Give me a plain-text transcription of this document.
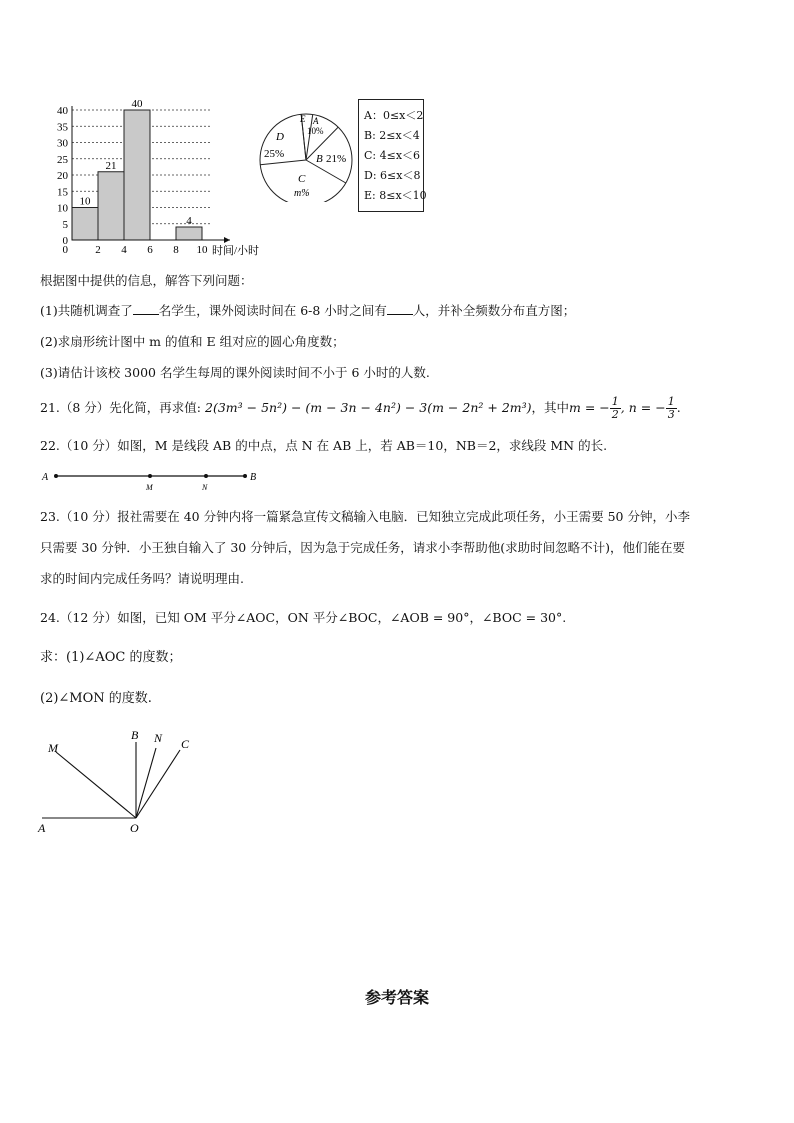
0
5
10
15
20
25
30
35
40
10
21
40
4
2 4 6 8 10
0	时间/小时
D
25%
E A
10%
B 21%
C
m%
A：0≤x＜2
B: 2≤x＜4
C: 4≤x＜6
D: 6≤x＜8
E: 8≤x＜10
根据图中提供的信息，解答下列问题：
(1)共随机调查了 名学生，课外阅读时间在 6-8 小时之间有 人，并补全频数分布直方图；
(2)求扇形统计图中 m 的值和 E 组对应的圆心角度数；
(3)请估计该校 3000 名学生每周的课外阅读时间不小于 6 小时的人数.
21.（8 分）先化简，再求值: 2(3m³ − 5n²) − (m − 3n − 4n²) − 3(m − 2n² + 2m³)，其中m = − $\frac{1}{2}$ , n = − $\frac{1}{3}$ .
22.（10 分）如图，M 是线段 AB 的中点，点 N 在 AB 上，若 AB＝10，NB＝2，求线段 MN 的长.
A
M	N
B
23.（10 分）报社需要在 40 分钟内将一篇紧急宣传文稿输入电脑．已知独立完成此项任务，小王需要 50 分钟，小李
只需要 30 分钟．小王独自输入了 30 分钟后，因为急于完成任务，请求小李帮助他(求助时间忽略不计)，他们能在要
求的时间内完成任务吗？请说明理由.
24.（12 分）如图，已知 OM 平分∠AOC，ON 平分∠BOC，∠AOB = 90°，∠BOC = 30°.
求：(1)∠AOC 的度数；
(2)∠MON 的度数.
M
B N C
A	O
参考答案
